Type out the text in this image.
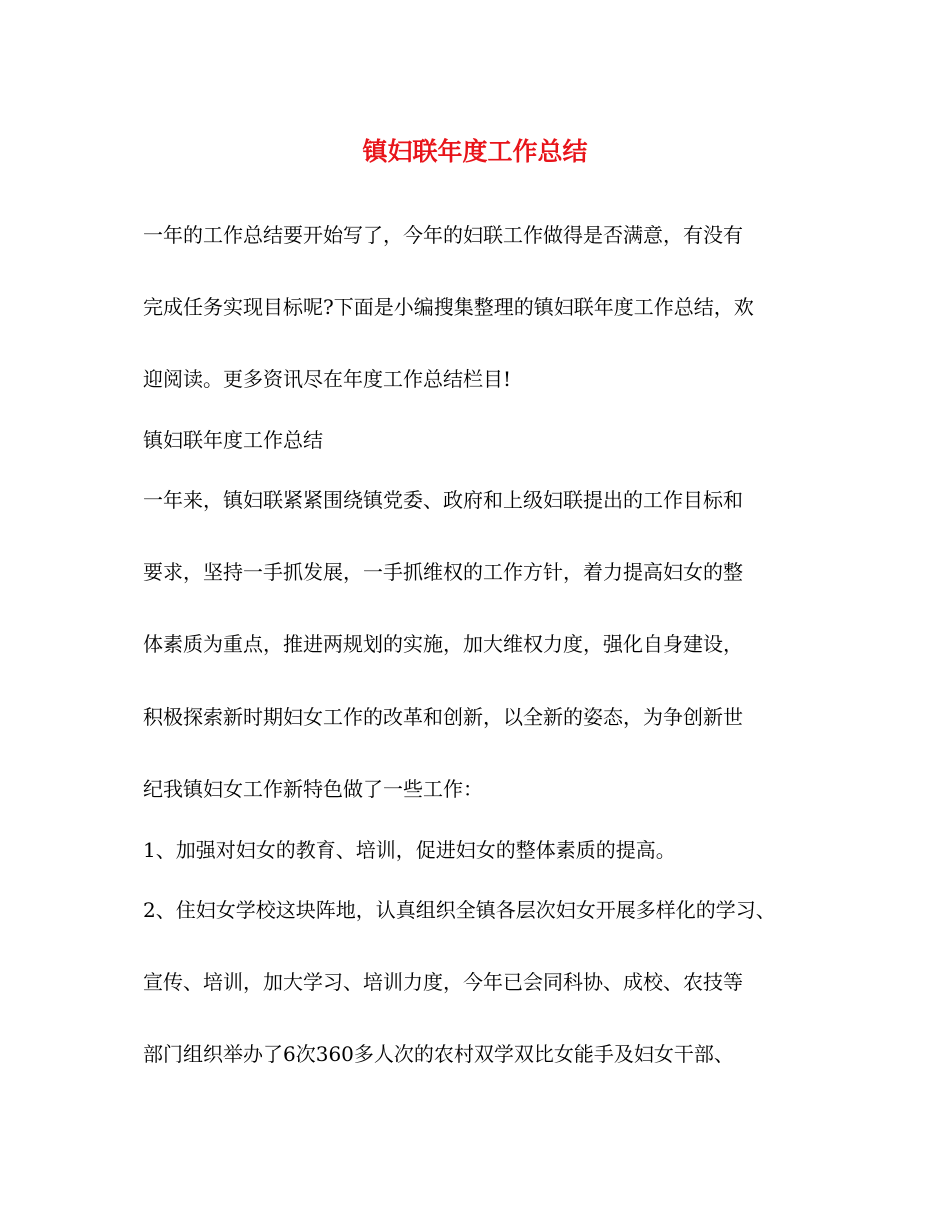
镇妇联年度工作总结

一年的工作总结要开始写了，今年的妇联工作做得是否满意，有没有

完成任务实现目标呢?下面是小编搜集整理的镇妇联年度工作总结，欢

迎阅读。更多资讯尽在年度工作总结栏目!

镇妇联年度工作总结

一年来，镇妇联紧紧围绕镇党委、政府和上级妇联提出的工作目标和

要求，坚持一手抓发展，一手抓维权的工作方针，着力提高妇女的整

体素质为重点，推进两规划的实施，加大维权力度，强化自身建设，

积极探索新时期妇女工作的改革和创新，以全新的姿态，为争创新世

纪我镇妇女工作新特色做了一些工作：

1、加强对妇女的教育、培训，促进妇女的整体素质的提高。

2、住妇女学校这块阵地，认真组织全镇各层次妇女开展多样化的学习、

宣传、培训，加大学习、培训力度，今年已会同科协、成校、农技等

部门组织举办了6次360多人次的农村双学双比女能手及妇女干部、
